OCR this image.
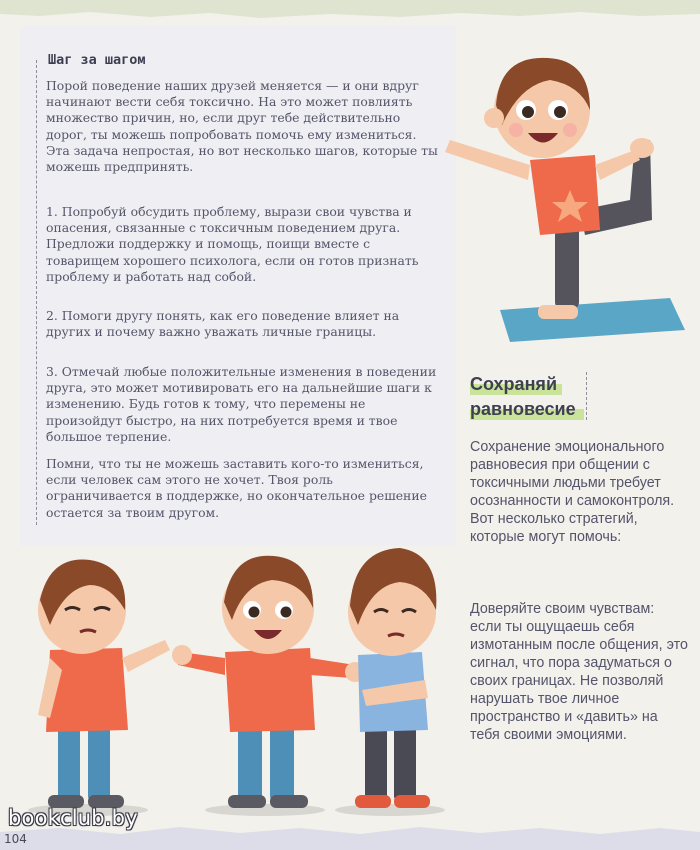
Шаг за шагом

Порой поведение наших друзей меняется — и они вдруг начинают вести себя токсично. На это может повлиять множество причин, но, если друг тебе действительно дорог, ты можешь попробовать помочь ему измениться. Эта задача непростая, но вот несколько шагов, которые ты можешь предпринять.

1. Попробуй обсудить проблему, вырази свои чувства и опасения, связанные с токсичным поведением друга. Предложи поддержку и помощь, поищи вместе с товарищем хорошего психолога, если он готов признать проблему и работать над собой.

2. Помоги другу понять, как его поведение влияет на других и почему важно уважать личные границы.

3. Отмечай любые положительные изменения в поведении друга, это может мотивировать его на дальнейшие шаги к изменению. Будь готов к тому, что перемены не произойдут быстро, на них потребуется время и твое большое терпение.

Помни, что ты не можешь заставить кого-то измениться, если человек сам этого не хочет. Твоя роль ограничивается в поддержке, но окончательное решение остается за твоим другом.

Сохраняй
равновесие

Сохранение эмоционального равновесия при общении с токсичными людьми требует осознанности и самоконтроля. Вот несколько стратегий, которые могут помочь:

Доверяйте своим чувствам: если ты ощущаешь себя измотанным после общения, это сигнал, что пора задуматься о своих границах. Не позволяй нарушать твое личное пространство и «давить» на тебя своими эмоциями.

bookclub.by
104
